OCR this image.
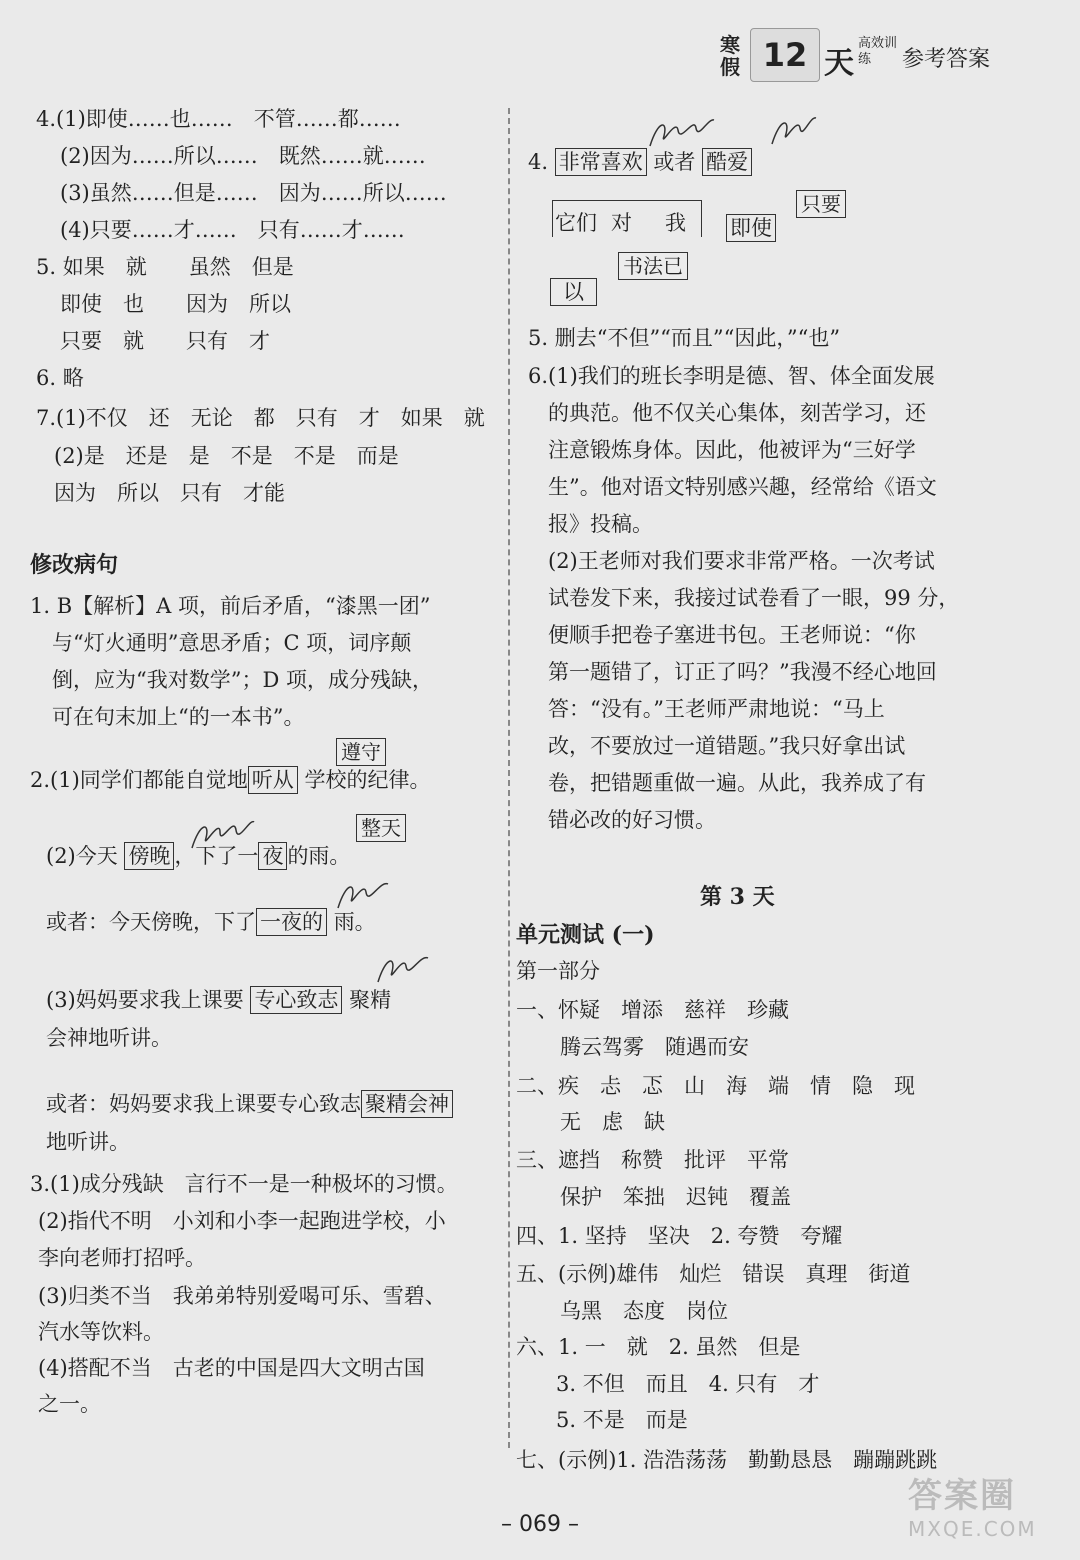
寒假 12 天
高效训练	参考答案
4.(1)即使……也……　不管……都……
(2)因为……所以……　既然……就……
(3)虽然……但是……　因为……所以……
(4)只要……才……　只有……才……
5. 如果　就　　虽然　但是
即使　也　　因为　所以
只要　就　　只有　才
6. 略
7.(1)不仅　还　无论　都　只有　才　如果　就
(2)是　还是　是　不是　不是　而是
因为　所以　只有　才能
修改病句
1. B【解析】A 项，前后矛盾，“漆黑一团”
与“灯火通明”意思矛盾；C 项，词序颠
倒，应为“我对数学”；D 项，成分残缺，
可在句末加上“的一本书”。
遵守
2.(1)同学们都能自觉地 听从 学校的纪律。
整天
(2)今天 傍晚 ，下了一 夜 的雨。
或者：今天傍晚，下了 一夜的 雨。
(3)妈妈要求我上课要 专心致志 聚精
会神地听讲。
或者：妈妈要求我上课要专心致志 聚精会神
地听讲。
3.(1)成分残缺　言行不一是一种极坏的习惯。
(2)指代不明　小刘和小李一起跑进学校，小
李向老师打招呼。
(3)归类不当　我弟弟特别爱喝可乐、雪碧、
汽水等饮料。
(4)搭配不当　古老的中国是四大文明古国
之一。
4. 非常喜欢 或者 酷爱
它们 对 我
只要
即使
书法已
以
5. 删去“不但”“而且”“因此，”“也”
6.(1)我们的班长李明是德、智、体全面发展
的典范。他不仅关心集体，刻苦学习，还
注意锻炼身体。因此，他被评为“三好学
生”。他对语文特别感兴趣，经常给《语文
报》投稿。
(2)王老师对我们要求非常严格。一次考试
试卷发下来，我接过试卷看了一眼，99 分，
便顺手把卷子塞进书包。王老师说：“你
第一题错了，订正了吗？”我漫不经心地回
答：“没有。”王老师严肃地说：“马上
改，不要放过一道错题。”我只好拿出试
卷，把错题重做一遍。从此，我养成了有
错必改的好习惯。
第 3 天
单元测试 (一)
第一部分
一、怀疑　增添　慈祥　珍藏
腾云驾雾　随遇而安
二、疾　忐　忑　山　海　端　情　隐　现
无　虑　缺
三、遮挡　称赞　批评　平常
保护　笨拙　迟钝　覆盖
四、1. 坚持　坚决　2. 夸赞　夸耀
五、(示例)雄伟　灿烂　错误　真理　街道
乌黑　态度　岗位
六、1. 一　就　2. 虽然　但是
3. 不但　而且　4. 只有　才
5. 不是　而是
七、(示例)1. 浩浩荡荡　勤勤恳恳　蹦蹦跳跳
– 069 –
答案圈
MXQE.COM
